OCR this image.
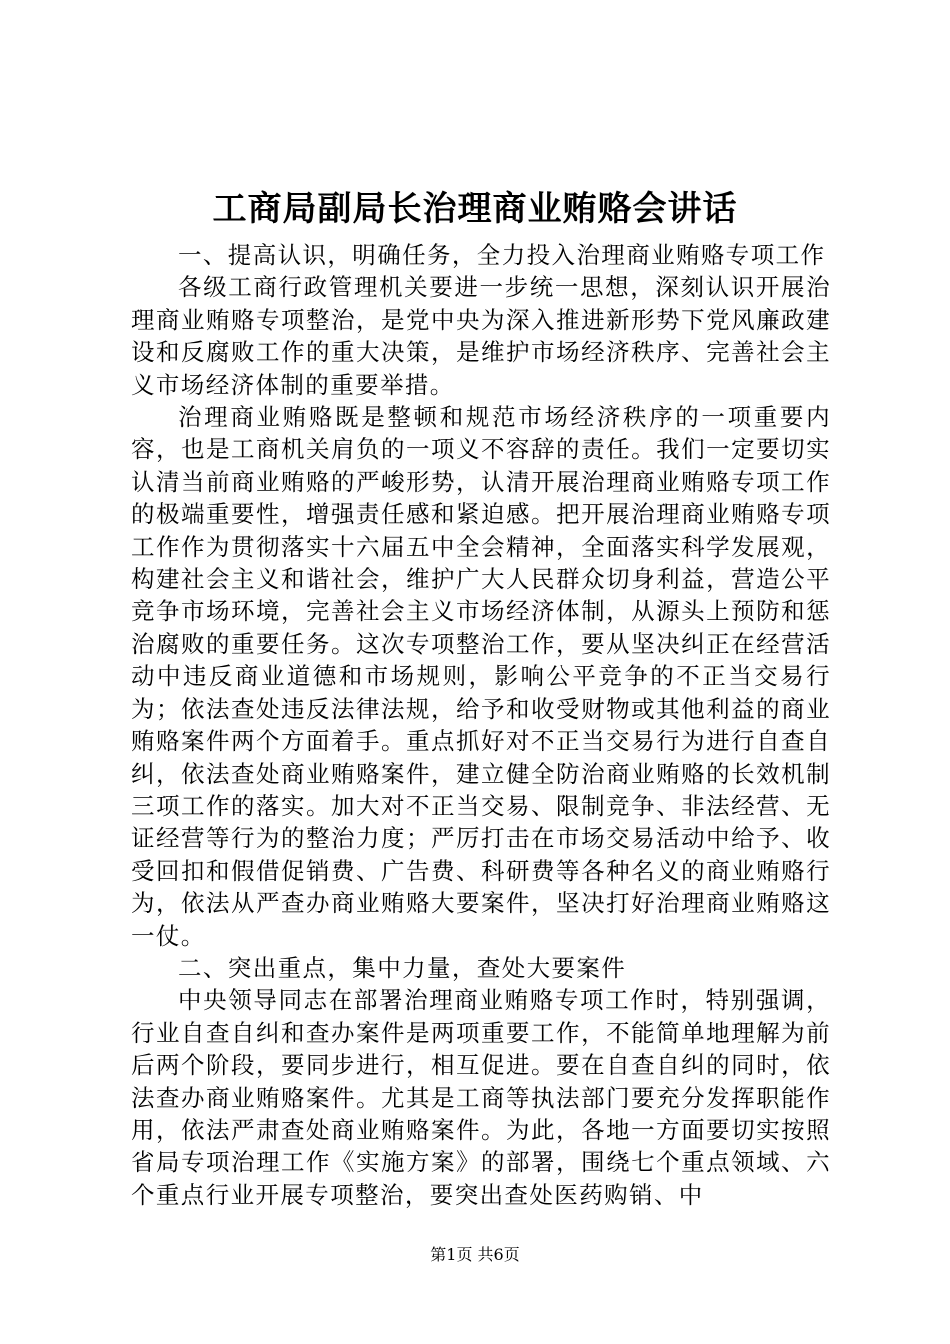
工商局副局长治理商业贿赂会讲话

一、提高认识，明确任务，全力投入治理商业贿赂专项工作

各级工商行政管理机关要进一步统一思想，深刻认识开展治理商业贿赂专项整治，是党中央为深入推进新形势下党风廉政建设和反腐败工作的重大决策，是维护市场经济秩序、完善社会主义市场经济体制的重要举措。

治理商业贿赂既是整顿和规范市场经济秩序的一项重要内容，也是工商机关肩负的一项义不容辞的责任。我们一定要切实认清当前商业贿赂的严峻形势，认清开展治理商业贿赂专项工作的极端重要性，增强责任感和紧迫感。把开展治理商业贿赂专项工作作为贯彻落实十六届五中全会精神，全面落实科学发展观，构建社会主义和谐社会，维护广大人民群众切身利益，营造公平竞争市场环境，完善社会主义市场经济体制，从源头上预防和惩治腐败的重要任务。这次专项整治工作，要从坚决纠正在经营活动中违反商业道德和市场规则，影响公平竞争的不正当交易行为；依法查处违反法律法规，给予和收受财物或其他利益的商业贿赂案件两个方面着手。重点抓好对不正当交易行为进行自查自纠，依法查处商业贿赂案件，建立健全防治商业贿赂的长效机制三项工作的落实。加大对不正当交易、限制竞争、非法经营、无证经营等行为的整治力度；严厉打击在市场交易活动中给予、收受回扣和假借促销费、广告费、科研费等各种名义的商业贿赂行为，依法从严查办商业贿赂大要案件，坚决打好治理商业贿赂这一仗。

二、突出重点，集中力量，查处大要案件

中央领导同志在部署治理商业贿赂专项工作时，特别强调，行业自查自纠和查办案件是两项重要工作，不能简单地理解为前后两个阶段，要同步进行，相互促进。要在自查自纠的同时，依法查办商业贿赂案件。尤其是工商等执法部门要充分发挥职能作用，依法严肃查处商业贿赂案件。为此，各地一方面要切实按照省局专项治理工作《实施方案》的部署，围绕七个重点领域、六个重点行业开展专项整治，要突出查处医药购销、中

第1页 共6页
